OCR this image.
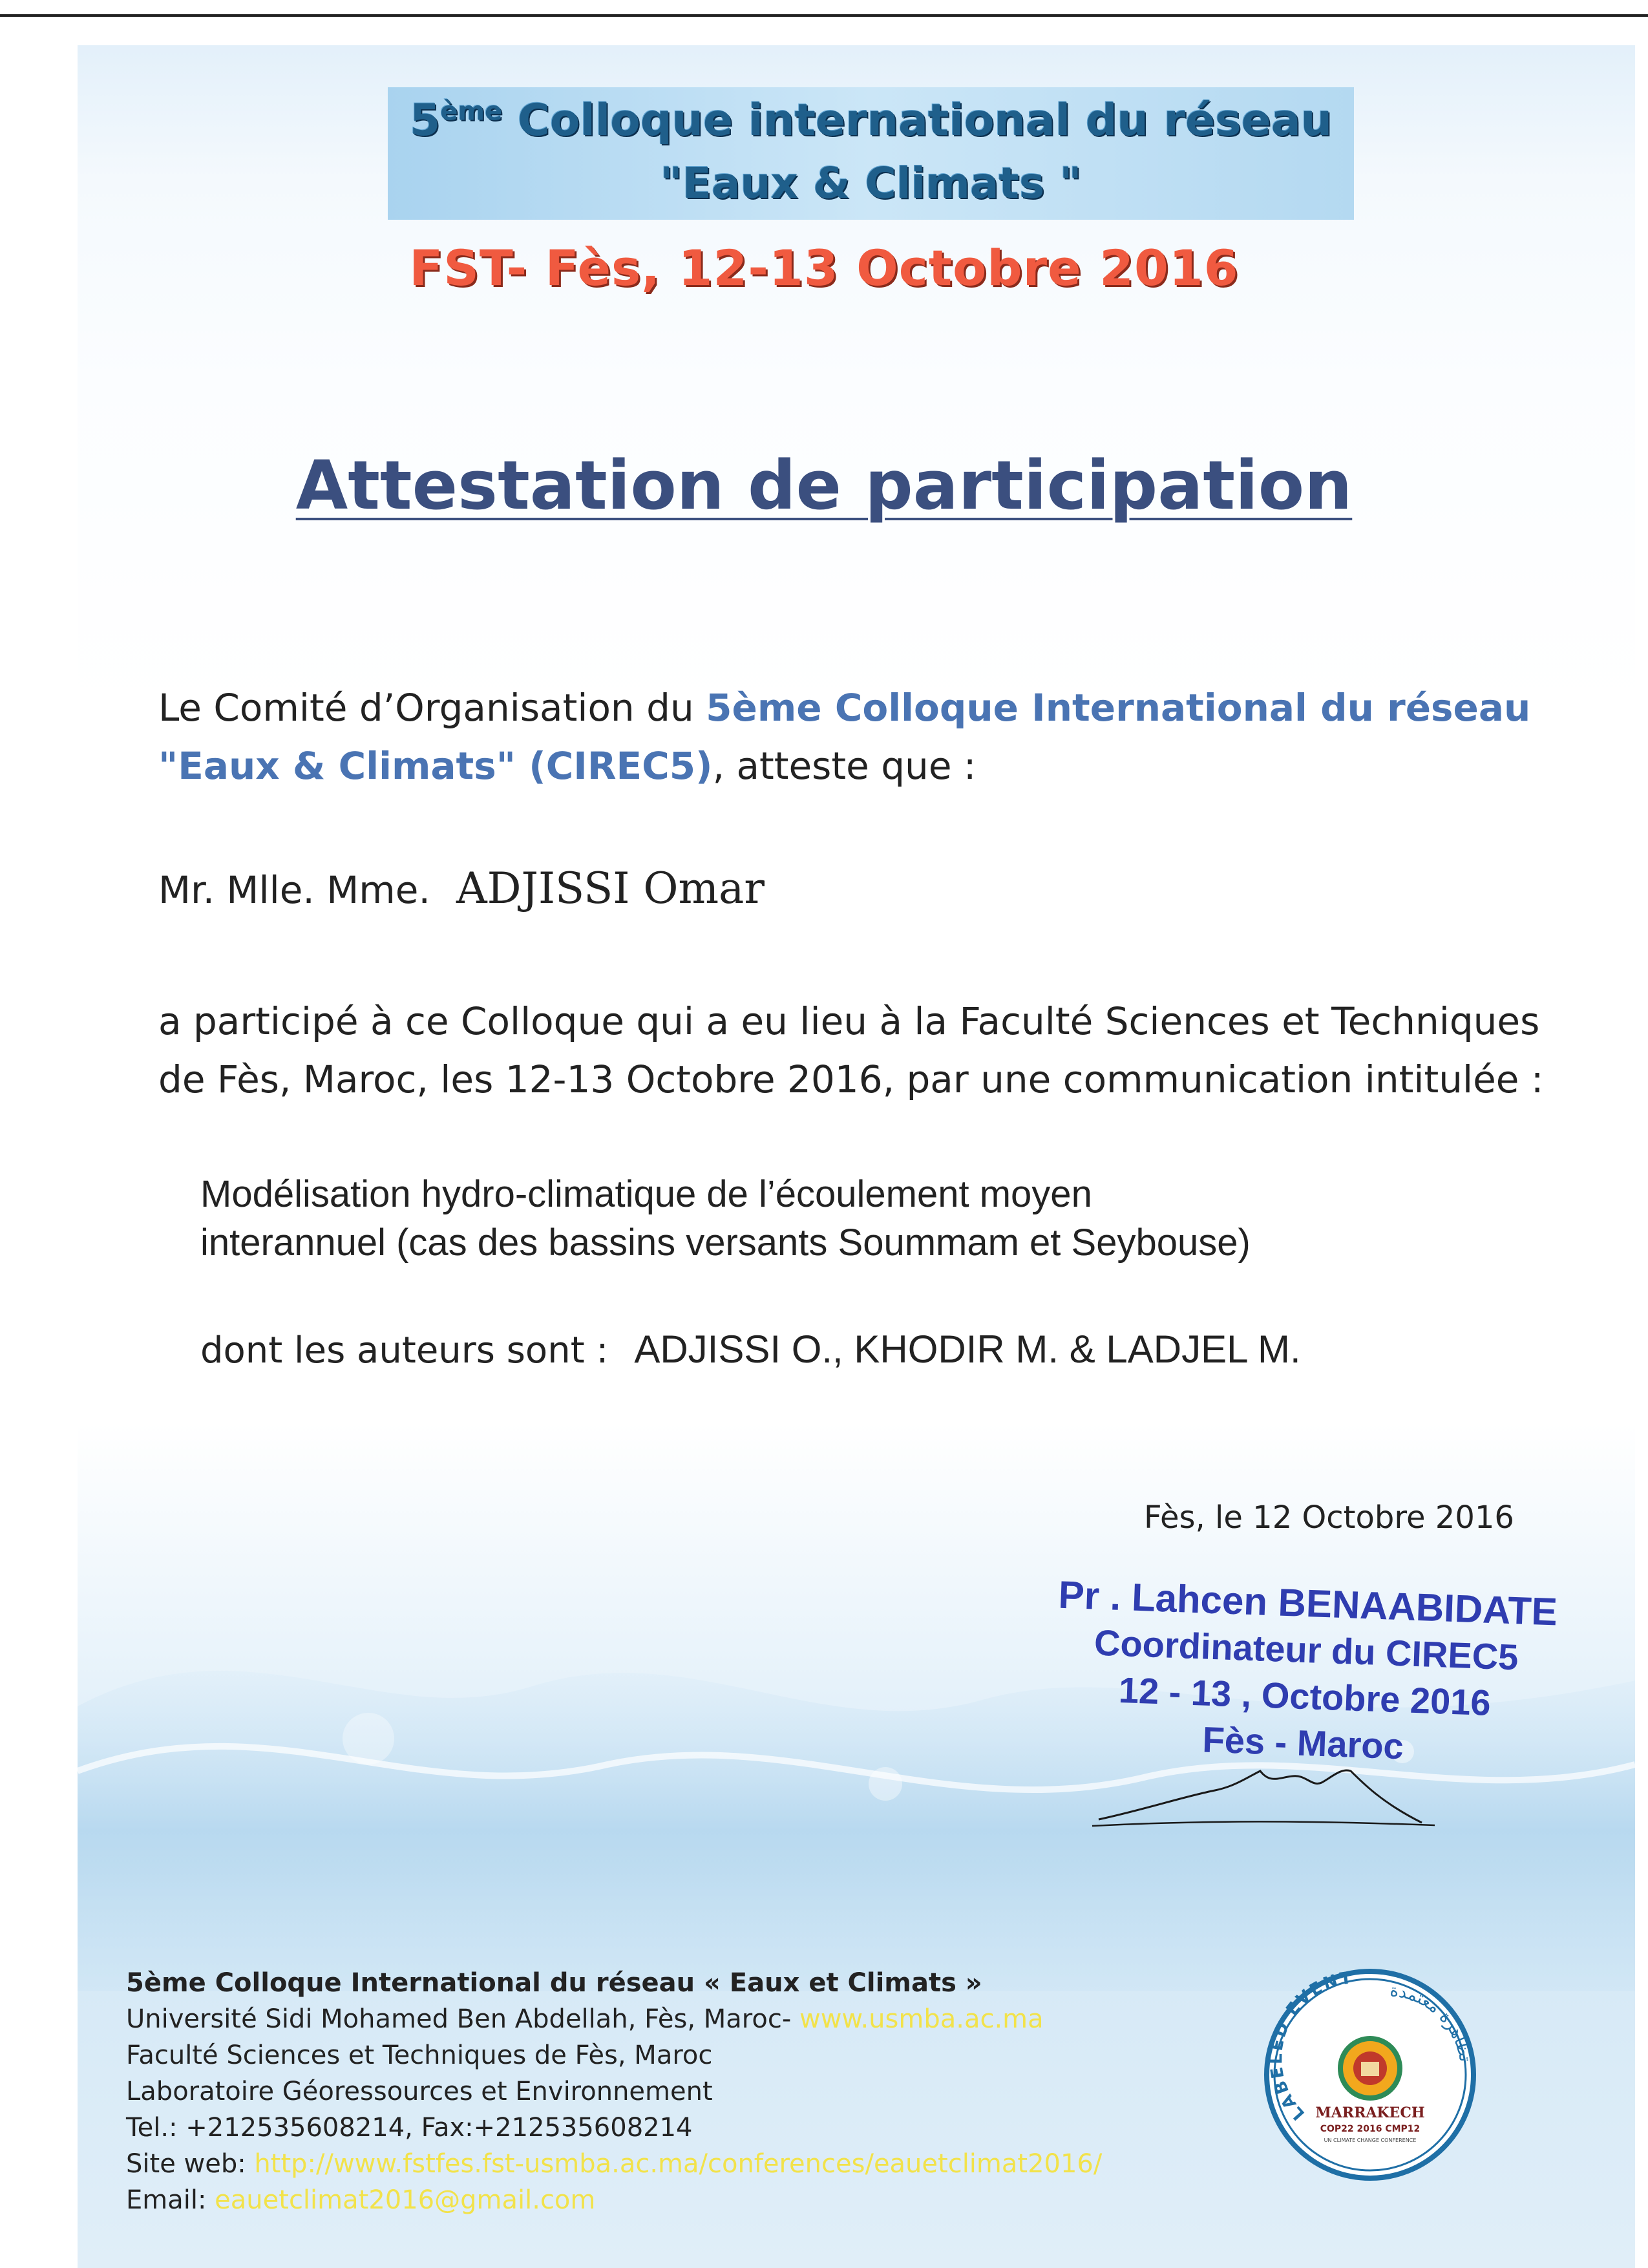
5ème Colloque international du réseau
"Eaux & Climats "
FST- Fès, 12-13 Octobre 2016
Attestation de participation
Le Comité d’Organisation du 5ème Colloque International du réseau
"Eaux & Climats" (CIREC5), atteste que :
Mr. Mlle. Mme. ADJISSI Omar
a participé à ce Colloque qui a eu lieu à la Faculté Sciences et Techniques
de Fès, Maroc, les 12-13 Octobre 2016, par une communication intitulée :
Modélisation hydro-climatique de l’écoulement moyen
interannuel (cas des bassins versants Soummam et Seybouse)
dont les auteurs sont : ADJISSI O., KHODIR M. & LADJEL M.
Fès, le 12 Octobre 2016
Pr . Lahcen BENAABIDATE
Coordinateur du CIREC5
12 - 13 , Octobre 2016
Fès - Maroc
5ème Colloque International du réseau « Eaux et Climats »
Université Sidi Mohamed Ben Abdellah, Fès, Maroc- www.usmba.ac.ma
Faculté Sciences et Techniques de Fès, Maroc
Laboratoire Géoressources et Environnement
Tel.: +212535608214, Fax:+212535608214
Site web: http://www.fstfes.fst-usmba.ac.ma/conferences/eauetclimat2016/
Email: eauetclimat2016@gmail.com
LABELED EVENT
تظاهرة معتمدة
MARRAKECH
COP22 2016 CMP12
UN CLIMATE CHANGE CONFERENCE
